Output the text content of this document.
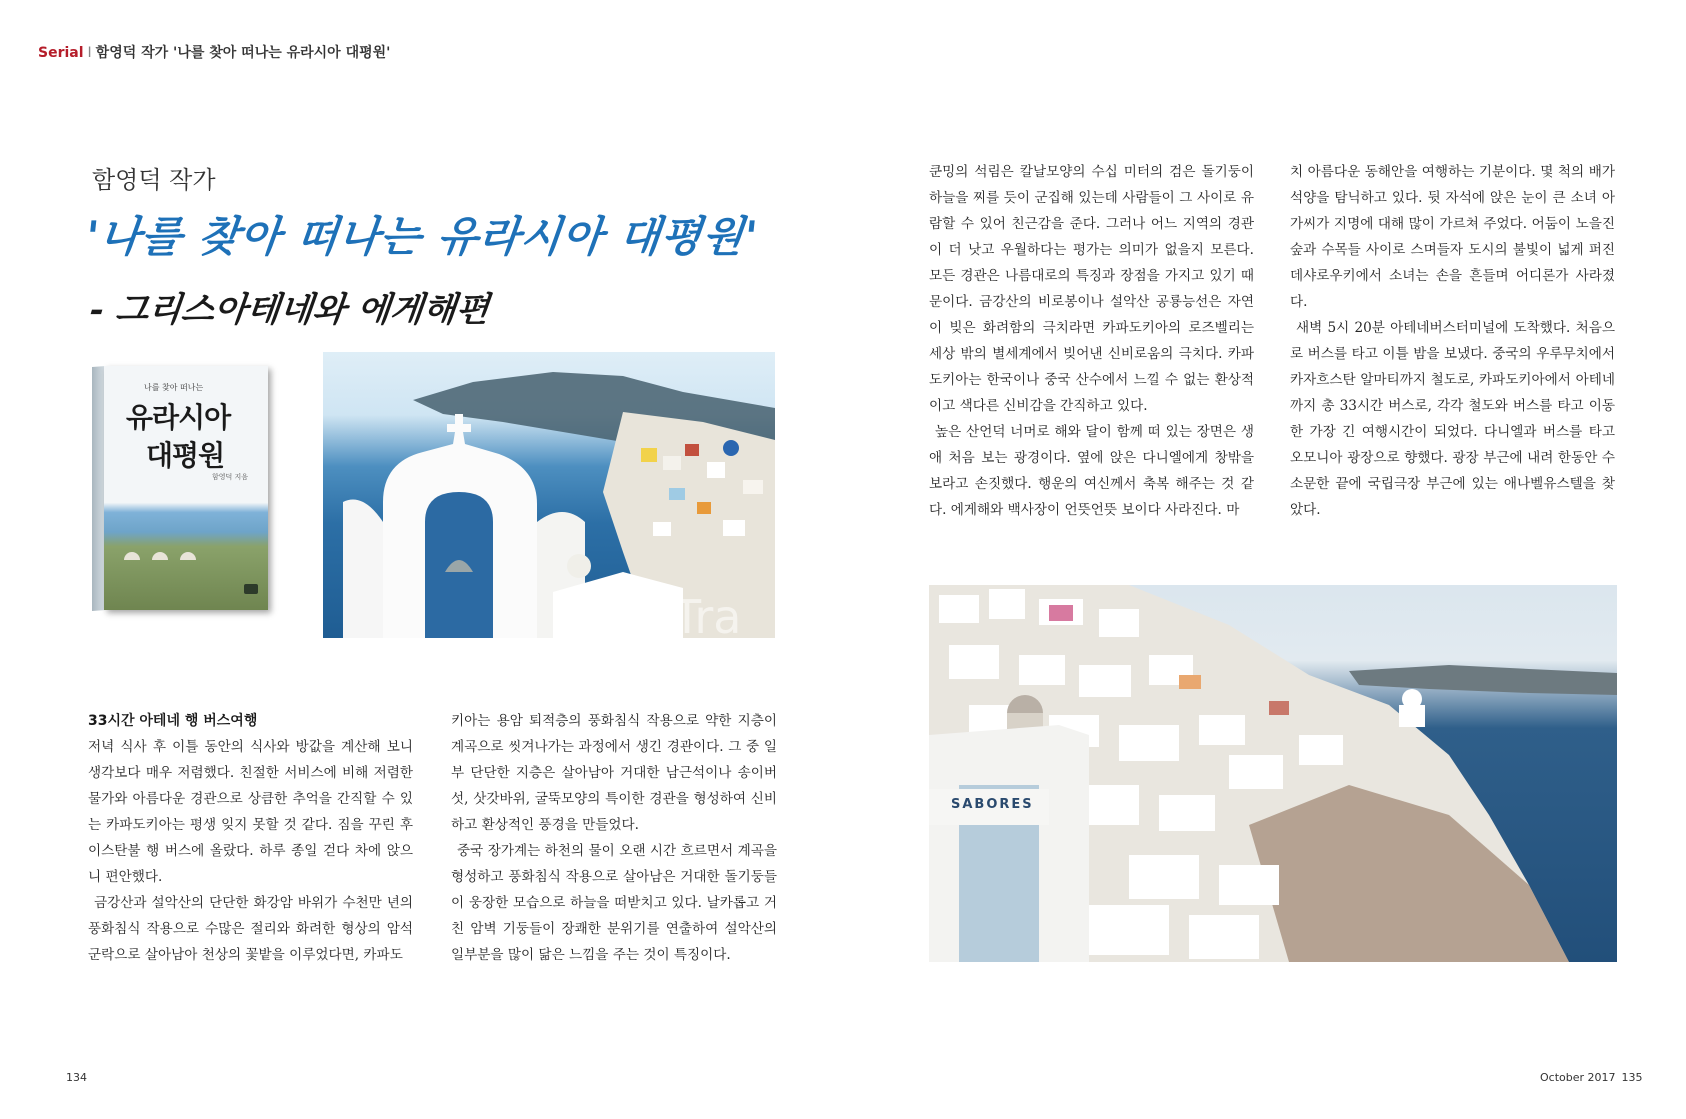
Serial I 함영덕 작가 '나를 찾아 떠나는 유라시아 대평원'
함영덕 작가
'나를 찾아 떠나는 유라시아 대평원'
- 그리스아테네와 에게해편
나를 찾아 떠나는
유라시아
대평원
함영덕 지음
Tra

33시간 아테네 행 버스여행

저녁 식사 후 이틀 동안의 식사와 방값을 계산해 보니 생각보다 매우 저렴했다. 친절한 서비스에 비해 저렴한 물가와 아름다운 경관으로 상큼한 추억을 간직할 수 있는 카파도키아는 평생 잊지 못할 것 같다. 짐을 꾸린 후 이스탄불 행 버스에 올랐다. 하루 종일 걷다 차에 앉으니 편안했다.

금강산과 설악산의 단단한 화강암 바위가 수천만 년의 풍화침식 작용으로 수많은 절리와 화려한 형상의 암석 군락으로 살아남아 천상의 꽃밭을 이루었다면, 카파도

키아는 용암 퇴적층의 풍화침식 작용으로 약한 지층이 계곡으로 씻겨나가는 과정에서 생긴 경관이다. 그 중 일부 단단한 지층은 살아남아 거대한 남근석이나 송이버섯, 삿갓바위, 굴뚝모양의 특이한 경관을 형성하여 신비하고 환상적인 풍경을 만들었다.

중국 장가계는 하천의 물이 오랜 시간 흐르면서 계곡을 형성하고 풍화침식 작용으로 살아남은 거대한 돌기둥들이 웅장한 모습으로 하늘을 떠받치고 있다. 날카롭고 거친 암벽 기둥들이 장쾌한 분위기를 연출하여 설악산의 일부분을 많이 닮은 느낌을 주는 것이 특징이다.

쿤밍의 석림은 칼날모양의 수십 미터의 검은 돌기둥이 하늘을 찌를 듯이 군집해 있는데 사람들이 그 사이로 유람할 수 있어 친근감을 준다. 그러나 어느 지역의 경관이 더 낫고 우월하다는 평가는 의미가 없을지 모른다. 모든 경관은 나름대로의 특징과 장점을 가지고 있기 때문이다. 금강산의 비로봉이나 설악산 공룡능선은 자연이 빚은 화려함의 극치라면 카파도키아의 로즈벨리는 세상 밖의 별세계에서 빚어낸 신비로움의 극치다. 카파도키아는 한국이나 중국 산수에서 느낄 수 없는 환상적이고 색다른 신비감을 간직하고 있다.

높은 산언덕 너머로 해와 달이 함께 떠 있는 장면은 생애 처음 보는 광경이다. 옆에 앉은 다니엘에게 창밖을 보라고 손짓했다. 행운의 여신께서 축복 해주는 것 같다. 에게해와 백사장이 언뜻언뜻 보이다 사라진다. 마

치 아름다운 동해안을 여행하는 기분이다. 몇 척의 배가 석양을 탐닉하고 있다. 뒷 자석에 앉은 눈이 큰 소녀 아가씨가 지명에 대해 많이 가르쳐 주었다. 어둠이 노을진 숲과 수목들 사이로 스며들자 도시의 불빛이 넓게 퍼진 데샤로우키에서 소녀는 손을 흔들며 어디론가 사라졌다.

새벽 5시 20분 아테네버스터미널에 도착했다. 처음으로 버스를 타고 이틀 밤을 보냈다. 중국의 우루무치에서 카자흐스탄 알마티까지 철도로, 카파도키아에서 아테네까지 총 33시간 버스로, 각각 철도와 버스를 타고 이동한 가장 긴 여행시간이 되었다. 다니엘과 버스를 타고 오모니아 광장으로 향했다. 광장 부근에 내려 한동안 수소문한 끝에 국립극장 부근에 있는 애나벨유스텔을 찾았다.

SABORES
134	October 2017 135
